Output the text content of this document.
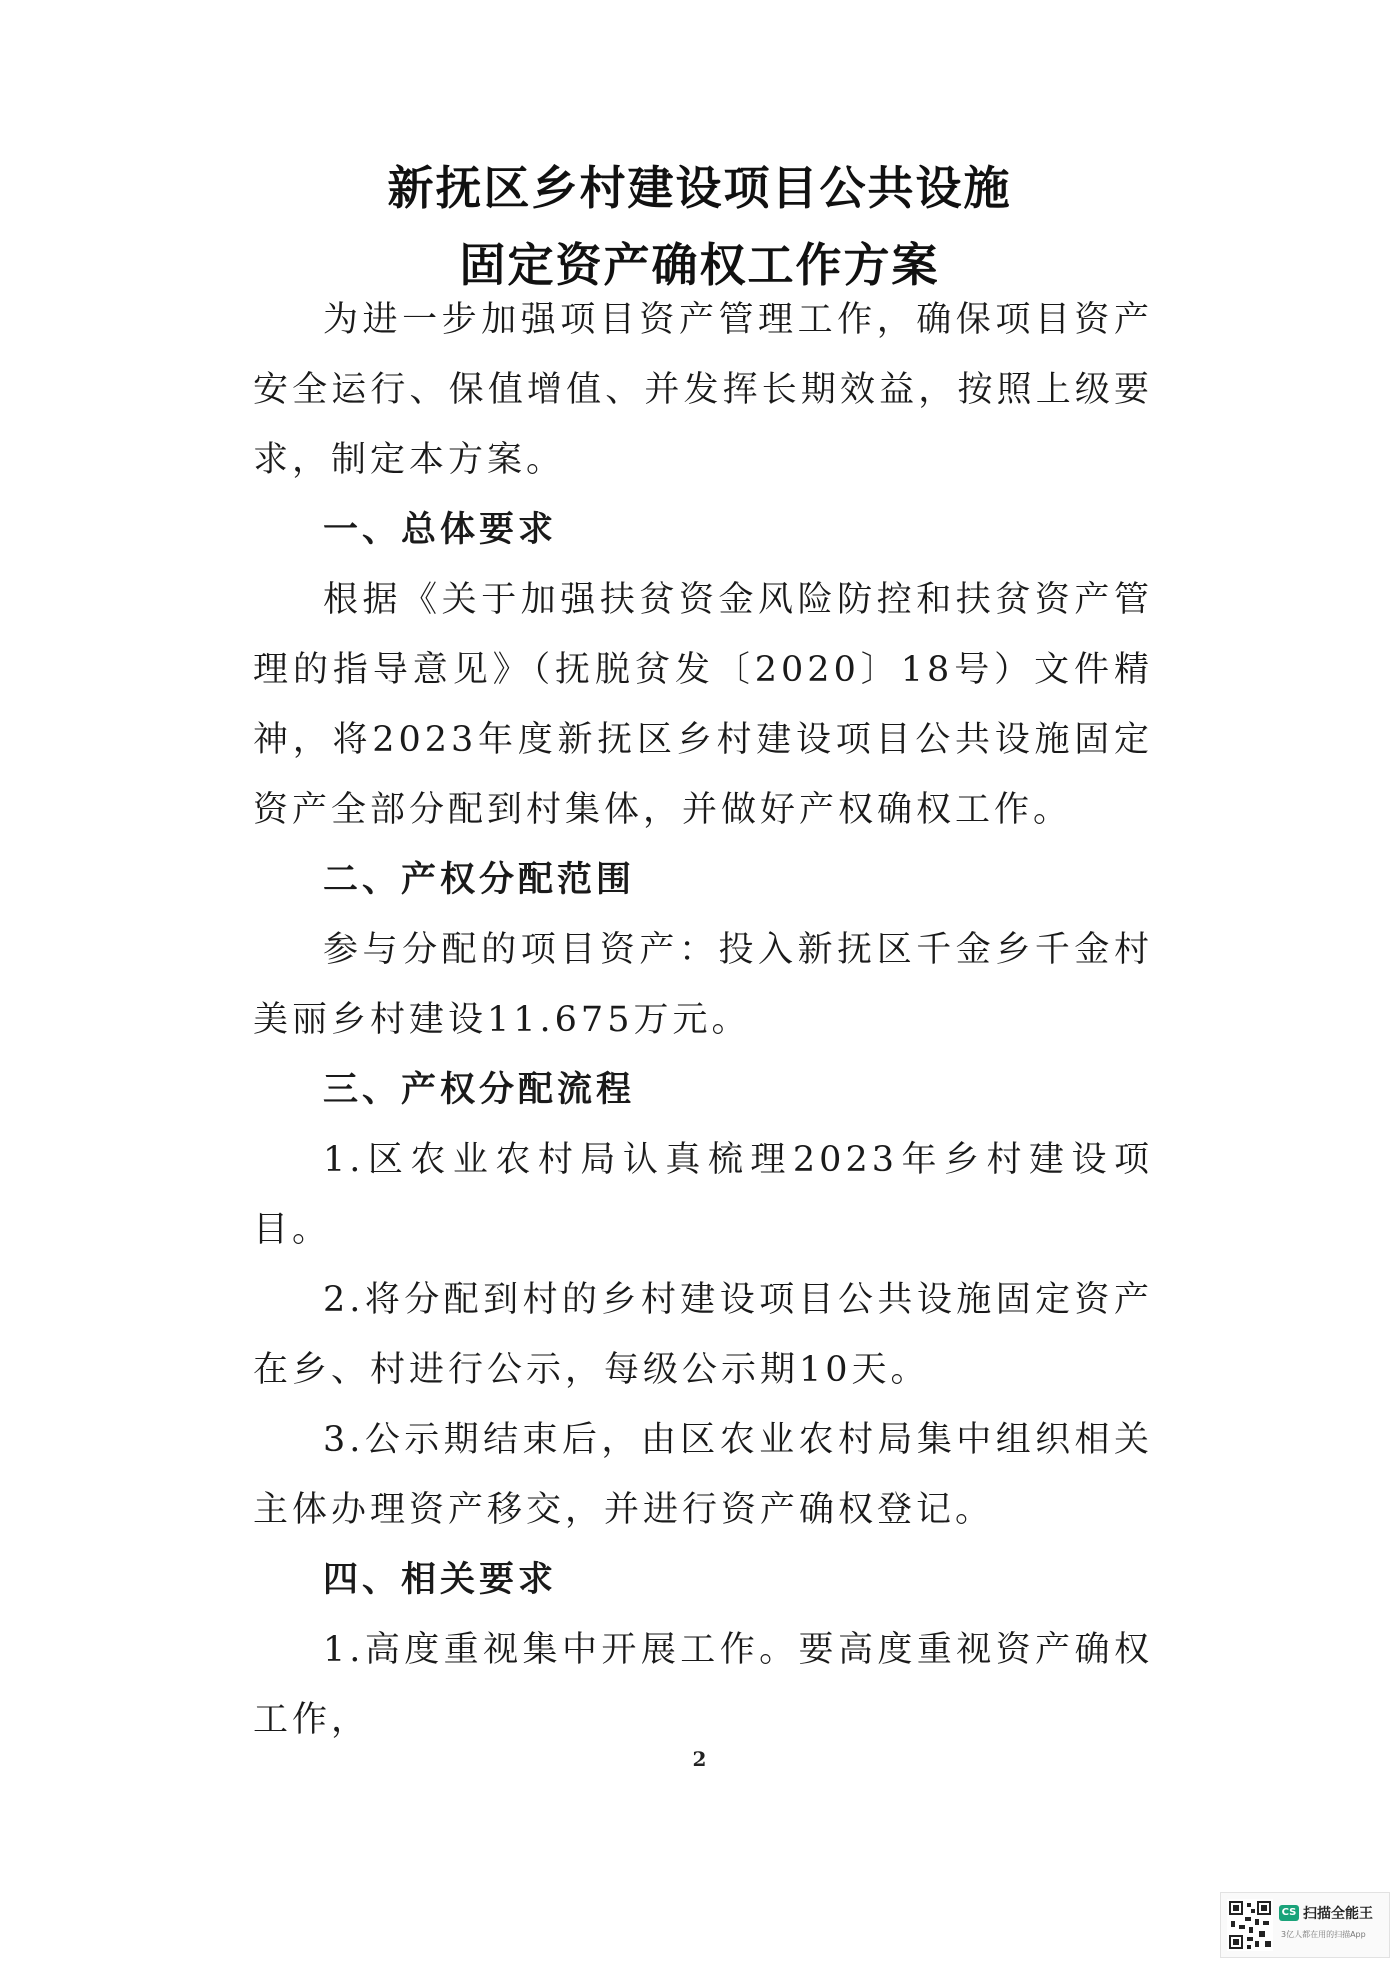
新抚区乡村建设项目公共设施
固定资产确权工作方案

为进一步加强项目资产管理工作，确保项目资产安全运行、保值增值、并发挥长期效益，按照上级要求，制定本方案。

一、总体要求

根据《关于加强扶贫资金风险防控和扶贫资产管理的指导意见》（抚脱贫发〔2020〕18号）文件精神，将2023年度新抚区乡村建设项目公共设施固定资产全部分配到村集体，并做好产权确权工作。

二、产权分配范围

参与分配的项目资产：投入新抚区千金乡千金村美丽乡村建设11.675万元。

三、产权分配流程

1.区农业农村局认真梳理2023年乡村建设项目。

2.将分配到村的乡村建设项目公共设施固定资产在乡、村进行公示，每级公示期10天。

3.公示期结束后，由区农业农村局集中组织相关主体办理资产移交，并进行资产确权登记。

四、相关要求

1.高度重视集中开展工作。要高度重视资产确权工作，

2
CS 扫描全能王
3亿人都在用的扫描App
